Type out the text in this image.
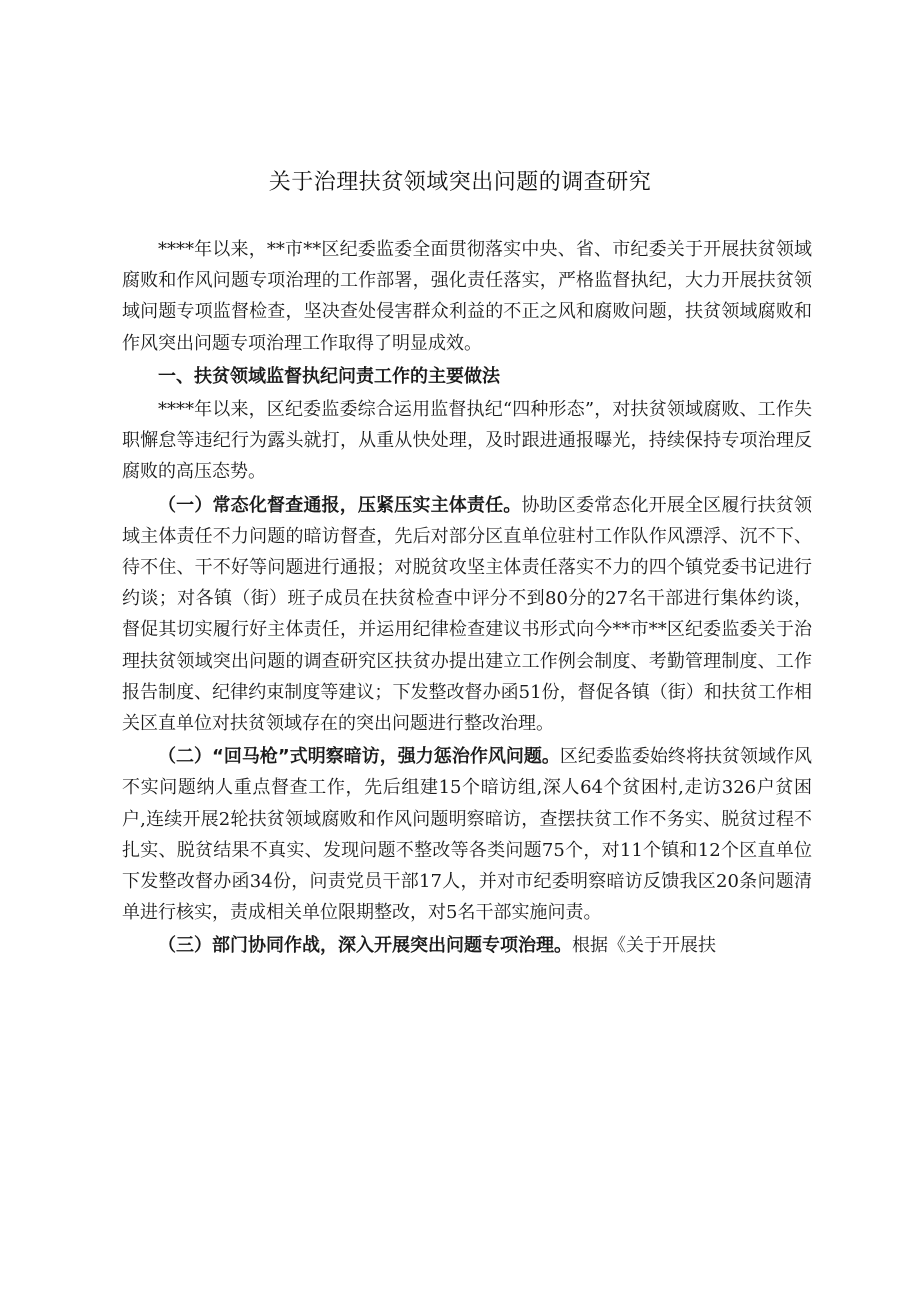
关于治理扶贫领域突出问题的调查研究

****年以来，**市**区纪委监委全面贯彻落实中央、省、市纪委关于开展扶贫领域腐败和作风问题专项治理的工作部署，强化责任落实，严格监督执纪，大力开展扶贫领域问题专项监督检查，坚决查处侵害群众利益的不正之风和腐败问题，扶贫领域腐败和作风突出问题专项治理工作取得了明显成效。

一、扶贫领域监督执纪问责工作的主要做法

****年以来，区纪委监委综合运用监督执纪“四种形态”，对扶贫领域腐败、工作失职懈怠等违纪行为露头就打，从重从快处理，及时跟进通报曝光，持续保持专项治理反腐败的高压态势。

（一）常态化督查通报，压紧压实主体责任。协助区委常态化开展全区履行扶贫领域主体责任不力问题的暗访督查，先后对部分区直单位驻村工作队作风漂浮、沉不下、待不住、干不好等问题进行通报；对脱贫攻坚主体责任落实不力的四个镇党委书记进行约谈；对各镇（街）班子成员在扶贫检查中评分不到80分的27名干部进行集体约谈，督促其切实履行好主体责任，并运用纪律检查建议书形式向今**市**区纪委监委关于治理扶贫领域突出问题的调查研究区扶贫办提出建立工作例会制度、考勤管理制度、工作报告制度、纪律约束制度等建议；下发整改督办函51份，督促各镇（街）和扶贫工作相关区直单位对扶贫领域存在的突出问题进行整改治理。

（二）“回马枪”式明察暗访，强力惩治作风问题。区纪委监委始终将扶贫领域作风不实问题纳人重点督查工作，先后组建15个暗访组,深人64个贫困村,走访326户贫困户,连续开展2轮扶贫领域腐败和作风问题明察暗访，查摆扶贫工作不务实、脱贫过程不扎实、脱贫结果不真实、发现问题不整改等各类问题75个，对11个镇和12个区直单位下发整改督办函34份，问责党员干部17人，并对市纪委明察暗访反馈我区20条问题清单进行核实，责成相关单位限期整改，对5名干部实施问责。

（三）部门协同作战，深入开展突出问题专项治理。根据《关于开展扶
